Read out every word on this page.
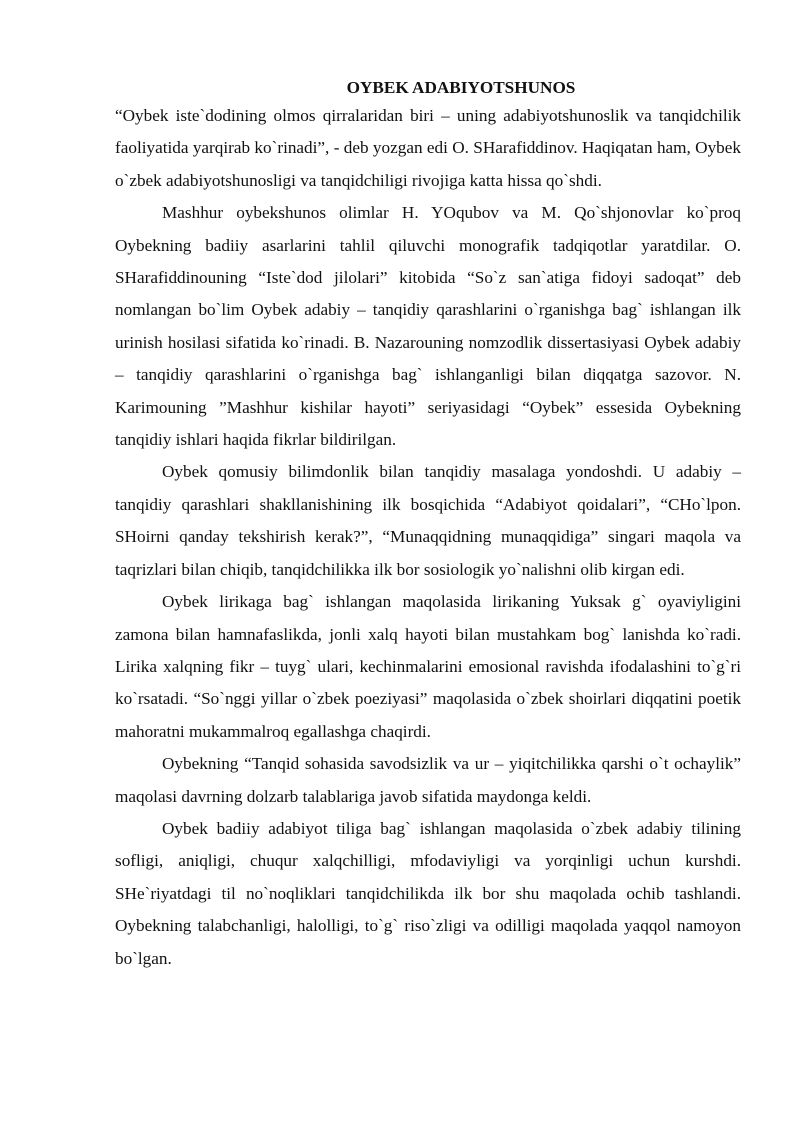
OYBEK ADABIYOTSHUNOS

“Oybek iste`dodining olmos qirralaridan biri – uning adabiyotshunoslik va tanqidchilik faoliyatida yarqirab ko`rinadi”, - deb yozgan edi O. SHarafiddinov. Haqiqatan ham, Oybek o`zbek adabiyotshunosligi va tanqidchiligi rivojiga katta hissa qo`shdi.

Mashhur oybekshunos olimlar H. YOqubov va M. Qo`shjonovlar ko`proq Oybekning badiiy asarlarini tahlil qiluvchi monografik tadqiqotlar yaratdilar. O. SHarafiddinouning “Iste`dod jilolari” kitobida “So`z san`atiga fidoyi sadoqat” deb nomlangan bo`lim Oybek adabiy – tanqidiy qarashlarini o`rganishga bag` ishlangan ilk urinish hosilasi sifatida ko`rinadi. B. Nazarouning nomzodlik dissertasiyasi Oybek adabiy – tanqidiy qarashlarini o`rganishga bag` ishlanganligi bilan diqqatga sazovor. N. Karimouning ”Mashhur kishilar hayoti” seriyasidagi “Oybek” essesida Oybekning tanqidiy ishlari haqida fikrlar bildirilgan.

Oybek qomusiy bilimdonlik bilan tanqidiy masalaga yondoshdi. U adabiy – tanqidiy qarashlari shakllanishining ilk bosqichida “Adabiyot qoidalari”, “CHo`lpon. SHoirni qanday tekshirish kerak?”, “Munaqqidning munaqqidiga” singari maqola va taqrizlari bilan chiqib, tanqidchilikka ilk bor sosiologik yo`nalishni olib kirgan edi.

Oybek lirikaga bag` ishlangan maqolasida lirikaning Yuksak g` oyaviyligini zamona bilan hamnafaslikda, jonli xalq hayoti bilan mustahkam bog` lanishda ko`radi. Lirika xalqning fikr – tuyg` ulari, kechinmalarini emosional ravishda ifodalashini to`g`ri ko`rsatadi. “So`nggi yillar o`zbek poeziyasi” maqolasida o`zbek shoirlari diqqatini poetik mahoratni mukammalroq egallashga chaqirdi.

Oybekning “Tanqid sohasida savodsizlik va ur – yiqitchilikka qarshi o`t ochaylik” maqolasi davrning dolzarb talablariga javob sifatida maydonga keldi.

Oybek badiiy adabiyot tiliga bag` ishlangan maqolasida o`zbek adabiy tilining sofligi, aniqligi, chuqur xalqchilligi, mfodaviyligi va yorqinligi uchun kurshdi. SHe`riyatdagi til no`noqliklari tanqidchilikda ilk bor shu maqolada ochib tashlandi. Oybekning talabchanligi, halolligi, to`g` riso`zligi va odilligi maqolada yaqqol namoyon bo`lgan.
